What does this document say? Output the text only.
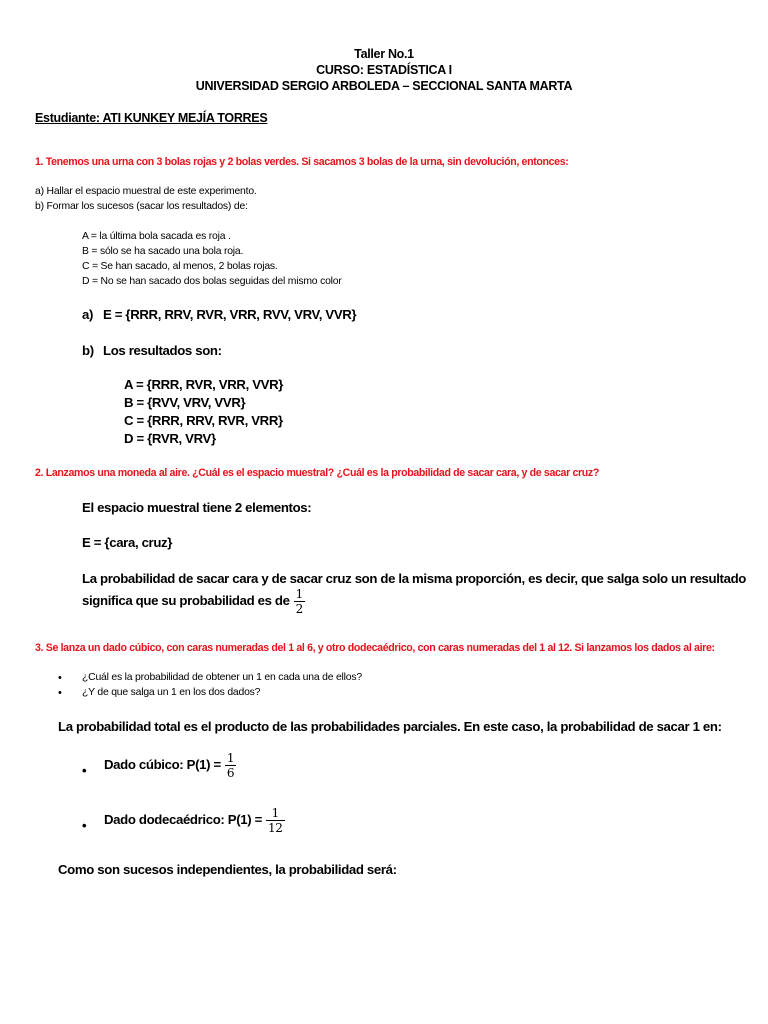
Taller No.1
CURSO: ESTADÍSTICA I
UNIVERSIDAD SERGIO ARBOLEDA – SECCIONAL SANTA MARTA
Estudiante: ATI KUNKEY MEJÍA TORRES
1. Tenemos una urna con 3 bolas rojas y 2 bolas verdes. Si sacamos 3 bolas de la urna, sin devolución, entonces:
a) Hallar el espacio muestral de este experimento.
b) Formar los sucesos (sacar los resultados) de:
A = la última bola sacada es roja .
B = sólo se ha sacado una bola roja.
C = Se han sacado, al menos, 2 bolas rojas.
D = No se han sacado dos bolas seguidas del mismo color
a) E = {RRR, RRV, RVR, VRR, RVV, VRV, VVR}
b) Los resultados son:
A = {RRR, RVR, VRR, VVR}
B = {RVV, VRV, VVR}
C = {RRR, RRV, RVR, VRR}
D = {RVR, VRV}
2. Lanzamos una moneda al aire. ¿Cuál es el espacio muestral? ¿Cuál es la probabilidad de sacar cara, y de sacar cruz?
El espacio muestral tiene 2 elementos:
E = {cara, cruz}
La probabilidad de sacar cara y de sacar cruz son de la misma proporción, es decir, que salga solo un resultado
significa que su probabilidad es de $\frac{1}{2}$
3. Se lanza un dado cúbico, con caras numeradas del 1 al 6, y otro dodecaédrico, con caras numeradas del 1 al 12. Si lanzamos los dados al aire:
• ¿Cuál es la probabilidad de obtener un 1 en cada una de ellos?
• ¿Y de que salga un 1 en los dos dados?
La probabilidad total es el producto de las probabilidades parciales. En este caso, la probabilidad de sacar 1 en:
• Dado cúbico: $P(1) = \frac{1}{6}$
• Dado dodecaédrico: $P(1) = \frac{1}{12}$
Como son sucesos independientes, la probabilidad será:
